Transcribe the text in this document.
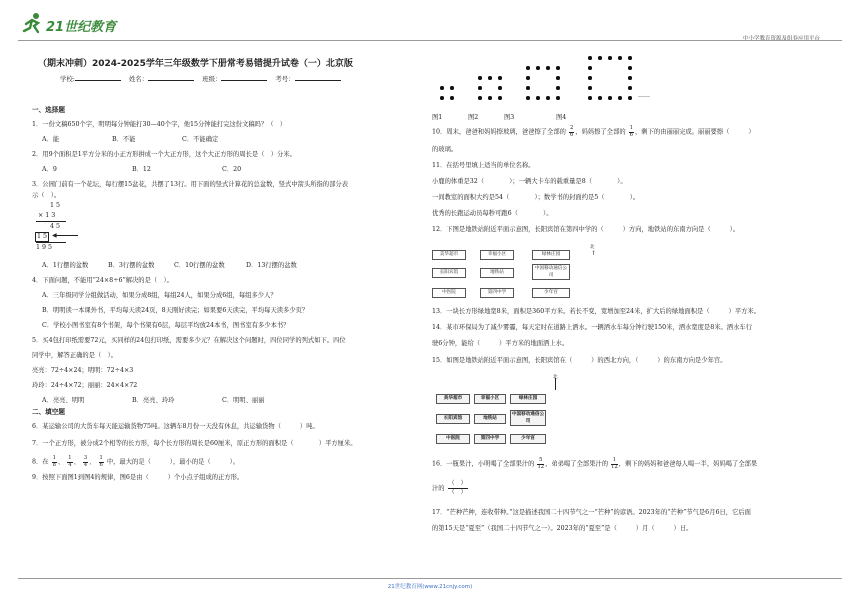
21世纪教育
中小学教育资源及组卷应用平台
（期末冲刺）2024-2025学年三年级数学下册常考易错提升试卷（一）北京版
学校:	姓名：	班级：	考号：
一、选择题
1．一份文稿650个字，明明每分钟能打30—40个字，他15分钟能打完这份文稿吗？（　）
A．能	B．不能	C．不能确定
2．用9个面积是1平方分米的小正方形拼成一个大正方形，这个大正方形的周长是（　）分米。
A．9	B．12	C．20
3．公园门前有一个花坛，每行摆15盆花，共摆了13行。用下面的竖式计算花的总盆数，竖式中箭头所指的部分表
示（　）。
1 5
× 1 3
4 5
1 5 ◀
1 9 5
A．1行摆的盆数	B．3行摆的盆数	C．10行摆的盆数	D．13行摆的盆数
4．下面问题，不能用“24×8÷6”解决的是（　）。
A．三年级同学分组做活动，如果分成8组，每组24人，如果分成6组，每组多少人？
B．明明读一本课外书，平均每天读24页，8天刚好读完；如果要6天读完，平均每天读多少页？
C．学校小图书室有8个书架，每个书架有6层，每层平均放24本书，图书室有多少本书？
5．买4包打印纸需要72元，买同样的24包打印纸，需要多少元？在解决这个问题时，四位同学的列式如下。四位
同学中，解答正确的是（　）。
亮亮：72÷4×24；明明：72÷4×3
玲玲：24÷4×72；丽丽：24×4×72
A．亮亮、明明	B．亮亮、玲玲	C．明明、丽丽
二、填空题
6．某运输公司的大货车每天能运输货物75吨。这辆车8月份一天没有休息，共运输货物（　　　）吨。
7．一个正方形，被分成2个相等的长方形，每个长方形的周长是60厘米，原正方形的面积是（　　　　）平方厘米。
8．在 $\frac{1}{8}$ 、 $\frac{1}{4}$ 、 $\frac{3}{4}$ 、 $\frac{1}{6}$ 中，最大的是（　　　），最小的是（　　　）。
9．按照下面图1到图4的规律，图6是由（　　　）个小点子组成的正方形。
……
图1	图2	图3	图4
10．周末，爸爸和妈妈擦玻璃，爸爸擦了全部的 $\frac{2}{6}$ ，妈妈擦了全部的 $\frac{1}{6}$ ，剩下的由丽丽完成。丽丽要擦（　　　）
的玻璃。
11．在括号里填上适当的单位名称。
小鹿的体重是32（　　　　）；一辆大卡车的载重量是8（　　　　）。
一间教室的面积大约是54（　　　　）；数学书的封面约是5（　　　　）。
优秀的长跑运动员每秒可跑6（　　　　）。
12．下图是地铁站附近平面示意图，长阳宾馆在第四中学的（　　　）方向，地铁站的东南方向是（　　　）。
美华超市	幸福小区	绿林庄园
北
↑
长阳宾馆	地铁站
中国移动通信公司
中医院	第四中学	少年宫
13．一块长方形绿地宽8米，面积是360平方米。若长不变，宽增加至24米，扩大后的绿地面积是（　　　）平方米。
14．某市环保局为了减少雾霾，每天定时在道路上洒水。一辆洒水车每分钟行驶150米，洒水宽度是8米。洒水车行
驶6分钟，能给（　　　）平方米的地面洒上水。
15．如图是地铁站附近平面示意图，长阳宾馆在（　　　）的西北方向，（　　　）的东南方向是少年宫。
北
美华超市	幸福小区	绿林庄园
长阳宾馆	地铁站
中国移动通信公司
中医院	第四中学	少年宫
16．一瓶果汁，小明喝了全部果汁的 $\frac{5}{12}$ ，弟弟喝了全部果汁的 $\frac{1}{12}$ ，剩下的妈妈和爸爸每人喝一半，妈妈喝了全部果
汁的 $\frac{( )}{( )}$
17．“芒种芒种，连收带种。”这是描述我国二十四节气之一“芒种”的谚语。2023年的“芒种”节气是6月6日，它后面
的第15天是“夏至”（我国二十四节气之一）。2023年的“夏至”是（　　　）月（　　　）日。
21世纪教育网(www.21cnjy.com)
